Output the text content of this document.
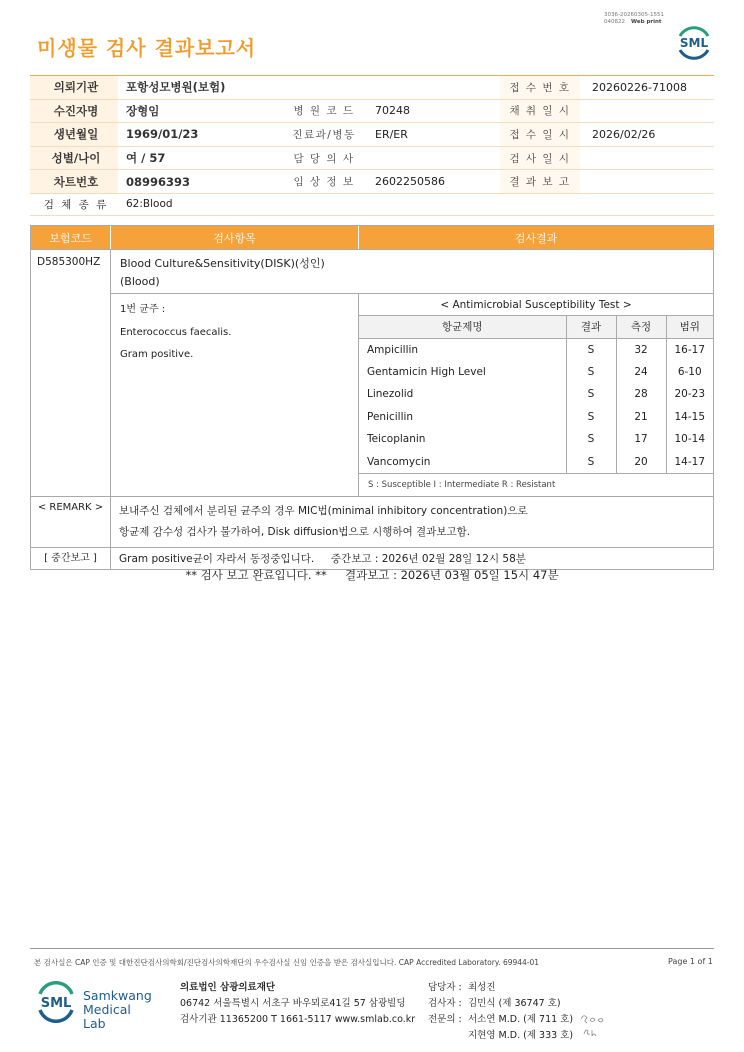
3036-20260305-1551
040822 Web print
미생물 검사 결과보고서	SML
의뢰기관	포항성모병원(보험)	접 수 번 호	20260226-71008
수진자명	장형임	병 원 코 드	70248	채 취 일 시
생년월일	1969/01/23	진료과/병동	ER/ER	접 수 일 시	2026/02/26
성별/나이	여 / 57	담 당 의 사	검 사 일 시
차트번호	08996393	임 상 정 보	2602250586	결 과 보 고
검 체 종 류	62:Blood
보험코드	검사항목	검사결과
D585300HZ	Blood Culture&Sensitivity(DISK)(성인)
(Blood)
1번 균주 :
Enterococcus faecalis.
Gram positive.
< Antimicrobial Susceptibility Test >
항균제명	결과	측정	범위
Ampicillin	S	32	16-17
Gentamicin High Level	S	24	6-10
Linezolid	S	28	20-23
Penicillin	S	21	14-15
Teicoplanin	S	17	10-14
Vancomycin	S	20	14-17
S : Susceptible I : Intermediate R : Resistant
< REMARK >	보내주신 검체에서 분리된 균주의 경우 MIC법(minimal inhibitory concentration)으로
항균제 감수성 검사가 불가하여, Disk diffusion법으로 시행하여 결과보고함.
[ 중간보고 ]	Gram positive균이 자라서 동정중입니다.     중간보고 : 2026년 02월 28일 12시 58분
** 검사 보고 완료입니다. **     결과보고 : 2026년 03월 05일 15시 47분
본 검사실은 CAP 인증 및 대한진단검사의학회/진단검사의학재단의 우수검사실 신임 인증을 받은 검사실입니다. CAP Accredited Laboratory. 69944-01	Page 1 of 1
SML
Samkwang
Medical Lab
의료법인 삼광의료재단
06742 서울특별시 서초구 바우뫼로41길 57 삼광빌딩
검사기관 11365200 T 1661-5117 www.smlab.co.kr
담당자 : 최성진
검사자 : 김민식 (제 36747 호)
전문의 : 서소연 M.D. (제 711 호)
지현영 M.D. (제 333 호)
